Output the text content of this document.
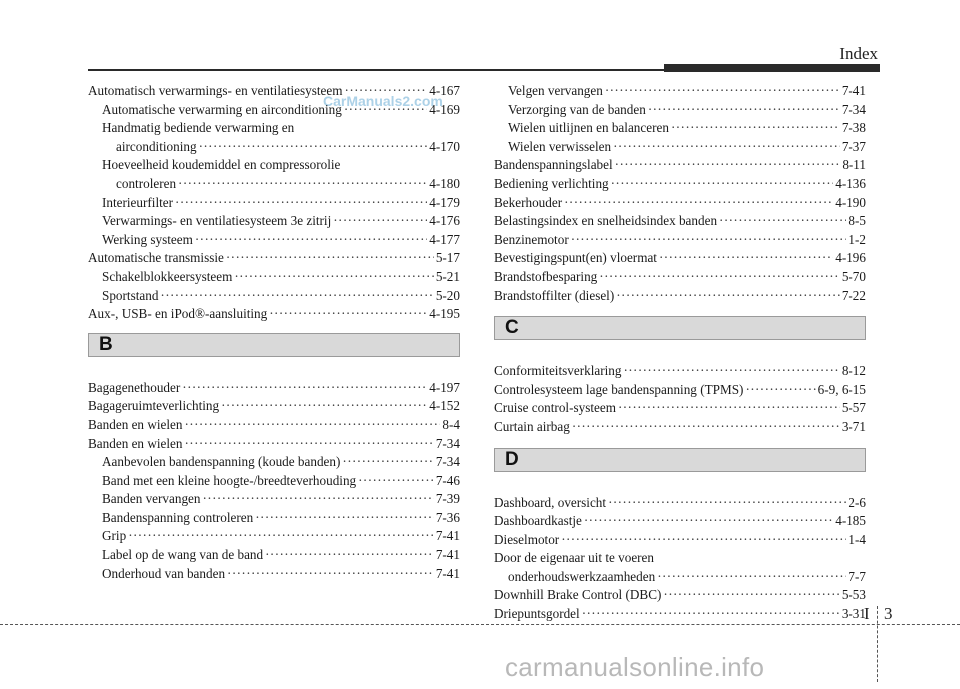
Index
CarManuals2.com
Automatisch verwarmings- en ventilatiesysteem ·····	4-167
Automatische verwarming en airconditioning ·····	4-169
Handmatig bediende verwarming en
airconditioning ·····	4-170
Hoeveelheid koudemiddel en compressorolie
controleren ·····	4-180
Interieurfilter ·····	4-179
Verwarmings- en ventilatiesysteem 3e zitrij ·····	4-176
Werking systeem ·····	4-177
Automatische transmissie ·····	5-17
Schakelblokkeersysteem ·····	5-21
Sportstand ·····	5-20
Aux-, USB- en iPod®-aansluiting ·····	4-195
B
Bagagenethouder ·····	4-197
Bagageruimteverlichting ·····	4-152
Banden en wielen ·····	8-4
Banden en wielen ·····	7-34
Aanbevolen bandenspanning (koude banden) ·····	7-34
Band met een kleine hoogte-/breedteverhouding ·····	7-46
Banden vervangen ·····	7-39
Bandenspanning controleren ·····	7-36
Grip ·····	7-41
Label op de wang van de band ·····	7-41
Onderhoud van banden ·····	7-41
Velgen vervangen ·····	7-41
Verzorging van de banden ·····	7-34
Wielen uitlijnen en balanceren ·····	7-38
Wielen verwisselen ·····	7-37
Bandenspanningslabel ·····	8-11
Bediening verlichting ·····	4-136
Bekerhouder ·····	4-190
Belastingsindex en snelheidsindex banden ·····	8-5
Benzinemotor ·····	1-2
Bevestigingspunt(en) vloermat ·····	4-196
Brandstofbesparing ·····	5-70
Brandstoffilter (diesel) ·····	7-22
C
Conformiteitsverklaring ·····	8-12
Controlesysteem lage bandenspanning (TPMS) ·····	6-9, 6-15
Cruise control-systeem ·····	5-57
Curtain airbag ·····	3-71
D
Dashboard, oversicht ·····	2-6
Dashboardkastje ·····	4-185
Dieselmotor ·····	1-4
Door de eigenaar uit te voeren
onderhoudswerkzaamheden ·····	7-7
Downhill Brake Control (DBC) ·····	5-53
Driepuntsgordel ·····	3-31
I 3
carmanualsonline.info
